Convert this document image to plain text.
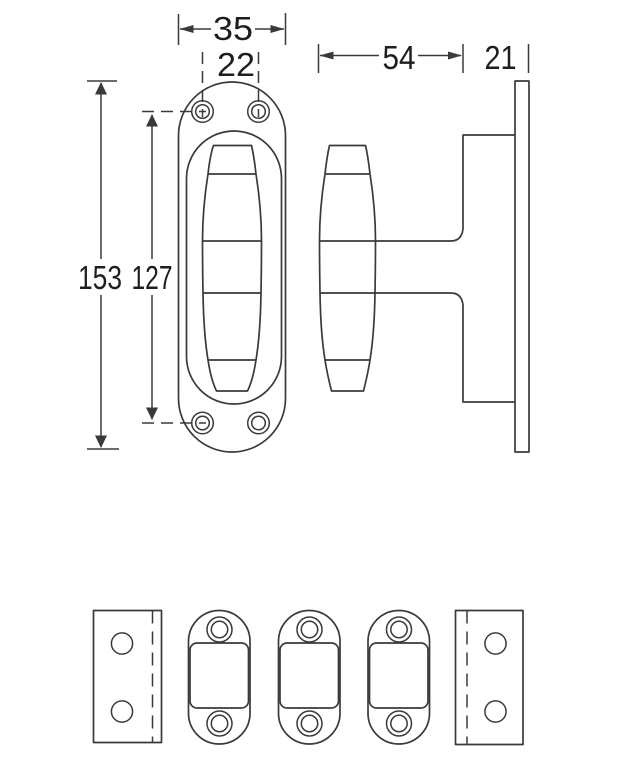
35
22
153 127
54 21
